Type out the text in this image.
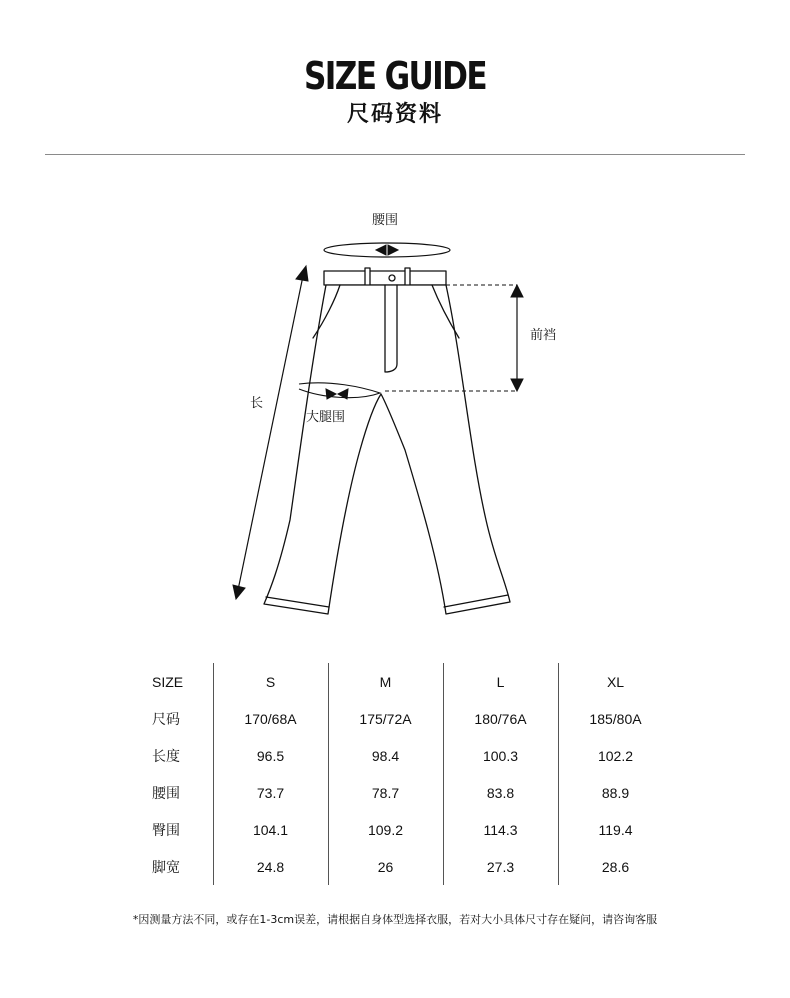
SIZE GUIDE
尺码资料
腰围
前裆
长
大腿围
SIZE	S	M	L	XL
尺码	170/68A	175/72A	180/76A	185/80A
长度	96.5	98.4	100.3	102.2
腰围	73.7	78.7	83.8	88.9
臀围	104.1	109.2	114.3	119.4
脚宽	24.8	26	27.3	28.6
*因测量方法不同，或存在1-3cm误差，请根据自身体型选择衣服，若对大小具体尺寸存在疑问，请咨询客服
